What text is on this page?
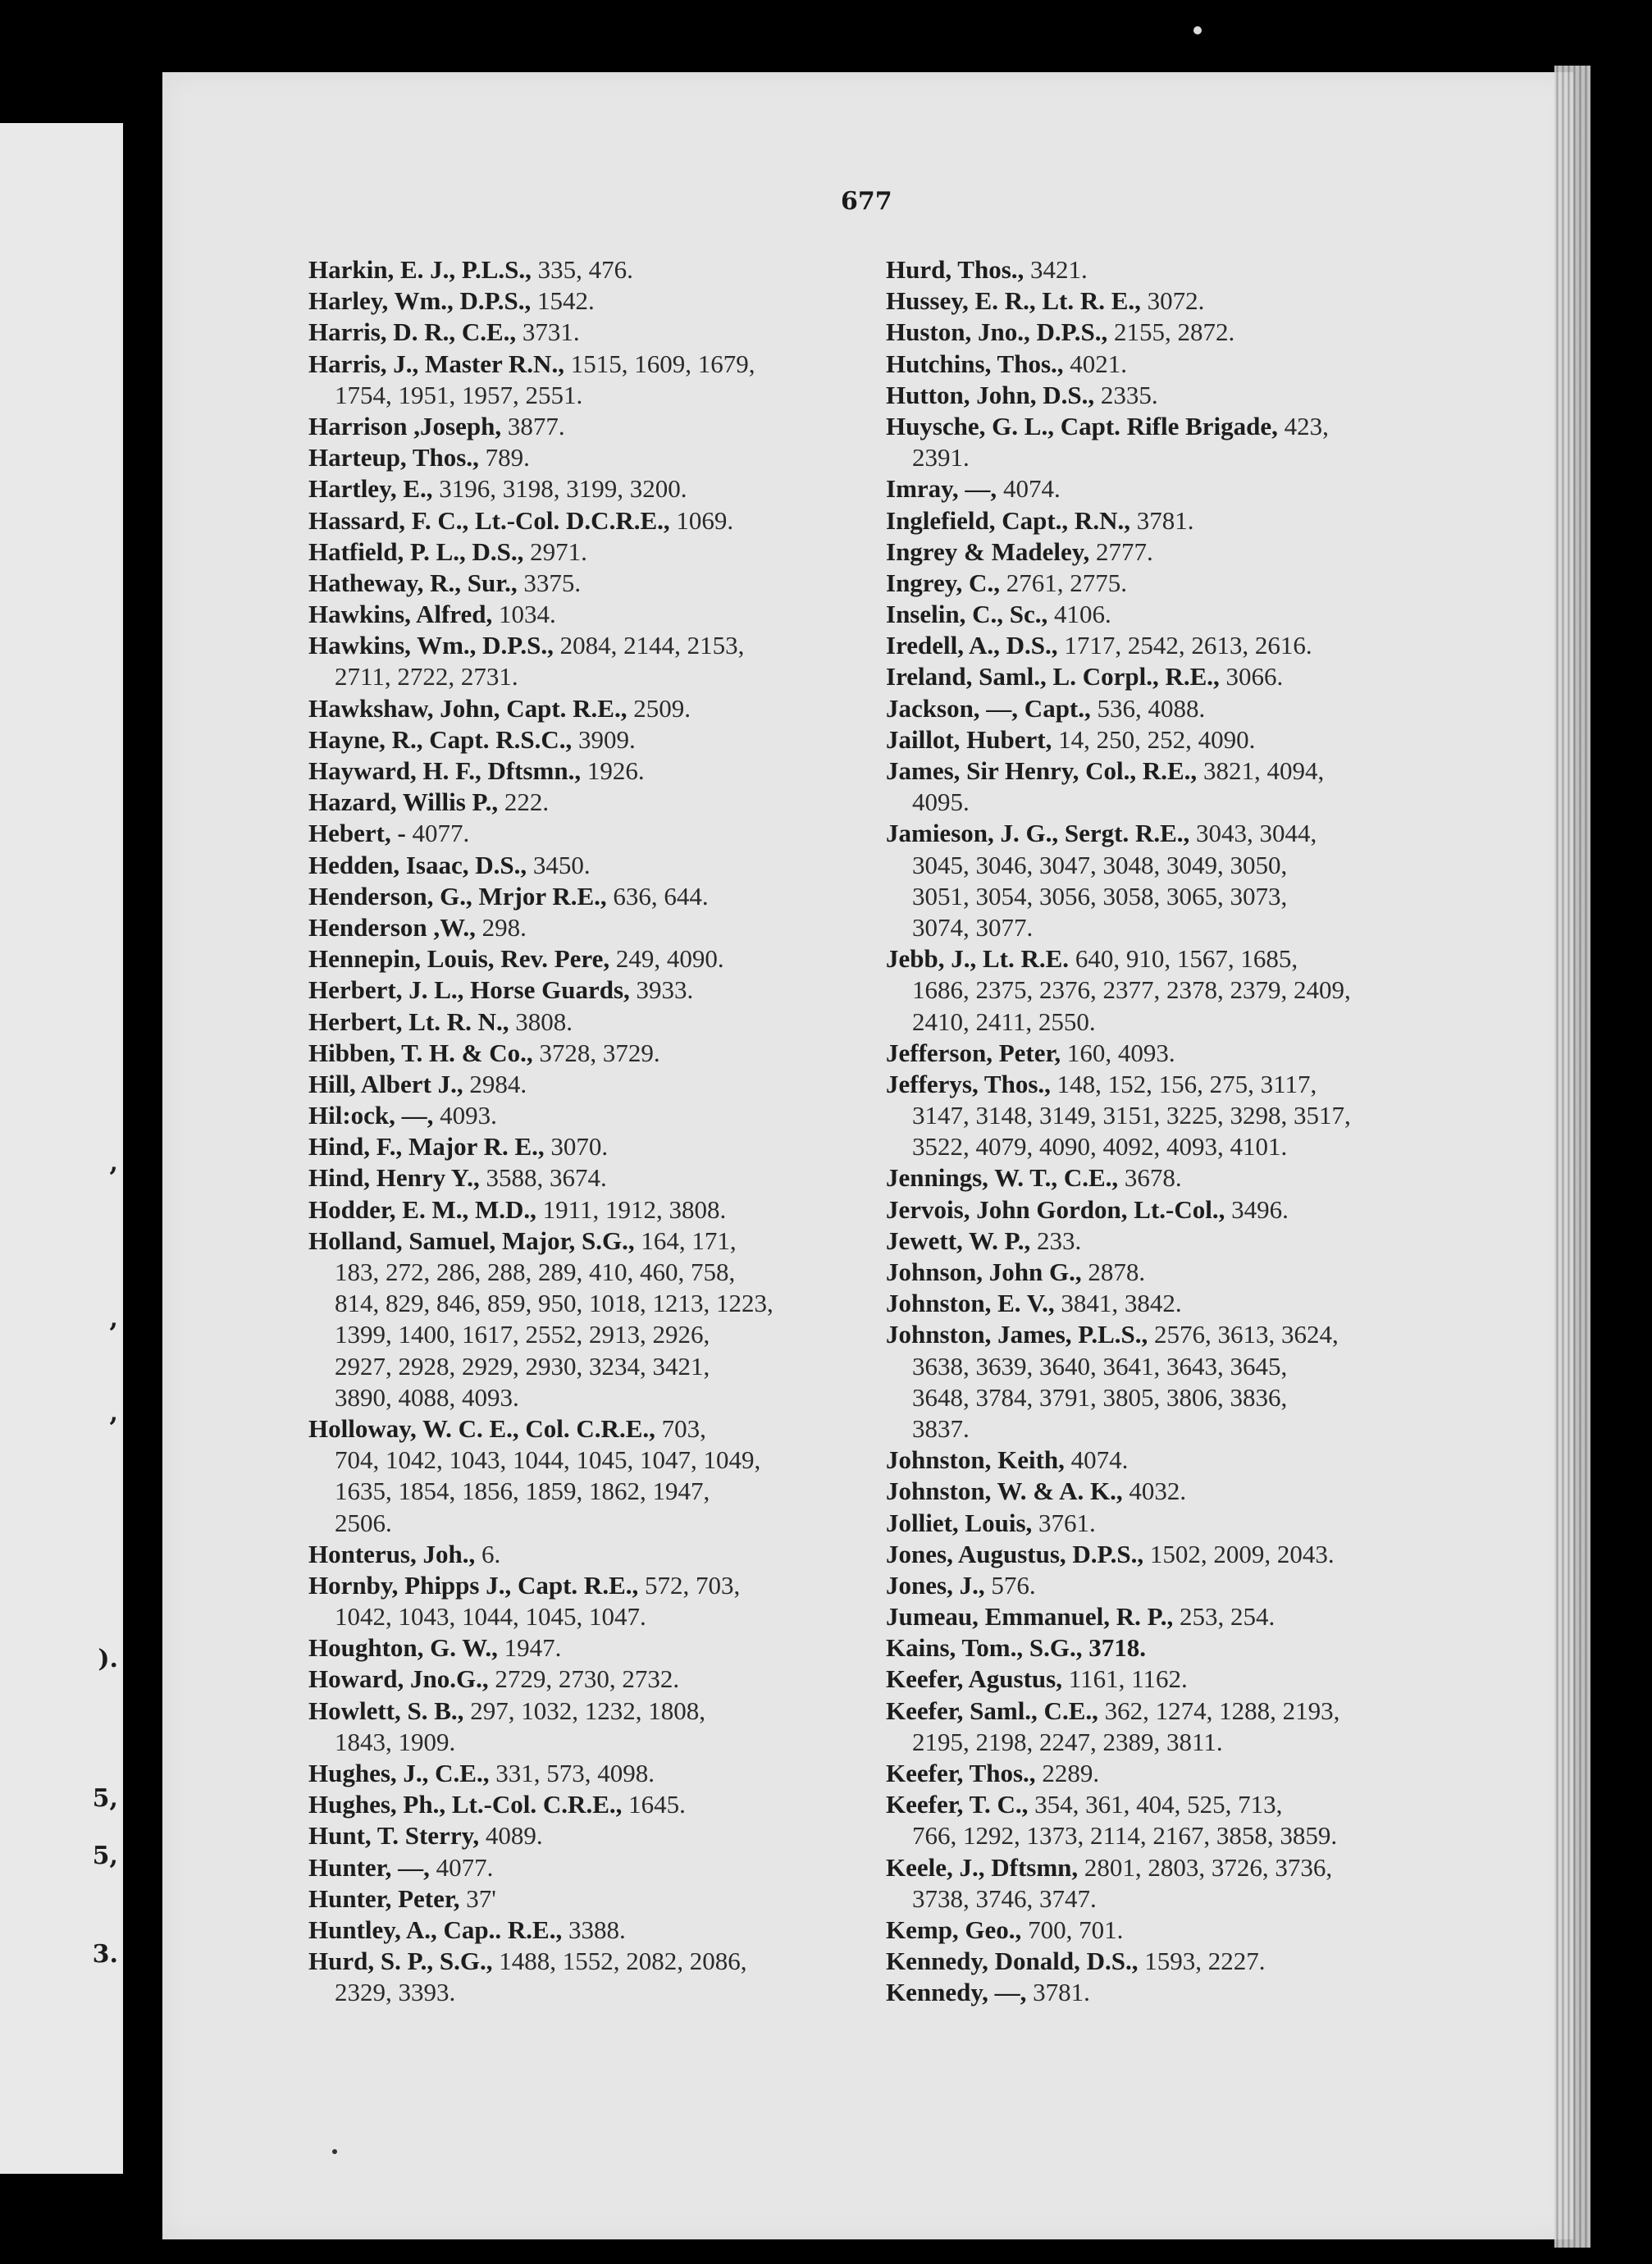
,
,
,
).
5,
5,
3.
677
Harkin, E. J., P.L.S., 335, 476.
Harley, Wm., D.P.S., 1542.
Harris, D. R., C.E., 3731.
Harris, J., Master R.N., 1515, 1609, 1679,
1754, 1951, 1957, 2551.
Harrison ,Joseph, 3877.
Harteup, Thos., 789.
Hartley, E., 3196, 3198, 3199, 3200.
Hassard, F. C., Lt.-Col. D.C.R.E., 1069.
Hatfield, P. L., D.S., 2971.
Hatheway, R., Sur., 3375.
Hawkins, Alfred, 1034.
Hawkins, Wm., D.P.S., 2084, 2144, 2153,
2711, 2722, 2731.
Hawkshaw, John, Capt. R.E., 2509.
Hayne, R., Capt. R.S.C., 3909.
Hayward, H. F., Dftsmn., 1926.
Hazard, Willis P., 222.
Hebert, - 4077.
Hedden, Isaac, D.S., 3450.
Henderson, G., Mrjor R.E., 636, 644.
Henderson ,W., 298.
Hennepin, Louis, Rev. Pere, 249, 4090.
Herbert, J. L., Horse Guards, 3933.
Herbert, Lt. R. N., 3808.
Hibben, T. H. & Co., 3728, 3729.
Hill, Albert J., 2984.
Hil:ock, —, 4093.
Hind, F., Major R. E., 3070.
Hind, Henry Y., 3588, 3674.
Hodder, E. M., M.D., 1911, 1912, 3808.
Holland, Samuel, Major, S.G., 164, 171,
183, 272, 286, 288, 289, 410, 460, 758,
814, 829, 846, 859, 950, 1018, 1213, 1223,
1399, 1400, 1617, 2552, 2913, 2926,
2927, 2928, 2929, 2930, 3234, 3421,
3890, 4088, 4093.
Holloway, W. C. E., Col. C.R.E., 703,
704, 1042, 1043, 1044, 1045, 1047, 1049,
1635, 1854, 1856, 1859, 1862, 1947,
2506.
Honterus, Joh., 6.
Hornby, Phipps J., Capt. R.E., 572, 703,
1042, 1043, 1044, 1045, 1047.
Houghton, G. W., 1947.
Howard, Jno.G., 2729, 2730, 2732.
Howlett, S. B., 297, 1032, 1232, 1808,
1843, 1909.
Hughes, J., C.E., 331, 573, 4098.
Hughes, Ph., Lt.-Col. C.R.E., 1645.
Hunt, T. Sterry, 4089.
Hunter, —, 4077.
Hunter, Peter, 37'
Huntley, A., Cap.. R.E., 3388.
Hurd, S. P., S.G., 1488, 1552, 2082, 2086,
2329, 3393.
Hurd, Thos., 3421.
Hussey, E. R., Lt. R. E., 3072.
Huston, Jno., D.P.S., 2155, 2872.
Hutchins, Thos., 4021.
Hutton, John, D.S., 2335.
Huysche, G. L., Capt. Rifle Brigade, 423,
2391.
Imray, —, 4074.
Inglefield, Capt., R.N., 3781.
Ingrey & Madeley, 2777.
Ingrey, C., 2761, 2775.
Inselin, C., Sc., 4106.
Iredell, A., D.S., 1717, 2542, 2613, 2616.
Ireland, Saml., L. Corpl., R.E., 3066.
Jackson, —, Capt., 536, 4088.
Jaillot, Hubert, 14, 250, 252, 4090.
James, Sir Henry, Col., R.E., 3821, 4094,
4095.
Jamieson, J. G., Sergt. R.E., 3043, 3044,
3045, 3046, 3047, 3048, 3049, 3050,
3051, 3054, 3056, 3058, 3065, 3073,
3074, 3077.
Jebb, J., Lt. R.E. 640, 910, 1567, 1685,
1686, 2375, 2376, 2377, 2378, 2379, 2409,
2410, 2411, 2550.
Jefferson, Peter, 160, 4093.
Jefferys, Thos., 148, 152, 156, 275, 3117,
3147, 3148, 3149, 3151, 3225, 3298, 3517,
3522, 4079, 4090, 4092, 4093, 4101.
Jennings, W. T., C.E., 3678.
Jervois, John Gordon, Lt.-Col., 3496.
Jewett, W. P., 233.
Johnson, John G., 2878.
Johnston, E. V., 3841, 3842.
Johnston, James, P.L.S., 2576, 3613, 3624,
3638, 3639, 3640, 3641, 3643, 3645,
3648, 3784, 3791, 3805, 3806, 3836,
3837.
Johnston, Keith, 4074.
Johnston, W. & A. K., 4032.
Jolliet, Louis, 3761.
Jones, Augustus, D.P.S., 1502, 2009, 2043.
Jones, J., 576.
Jumeau, Emmanuel, R. P., 253, 254.
Kains, Tom., S.G., 3718.
Keefer, Agustus, 1161, 1162.
Keefer, Saml., C.E., 362, 1274, 1288, 2193,
2195, 2198, 2247, 2389, 3811.
Keefer, Thos., 2289.
Keefer, T. C., 354, 361, 404, 525, 713,
766, 1292, 1373, 2114, 2167, 3858, 3859.
Keele, J., Dftsmn, 2801, 2803, 3726, 3736,
3738, 3746, 3747.
Kemp, Geo., 700, 701.
Kennedy, Donald, D.S., 1593, 2227.
Kennedy, —, 3781.
